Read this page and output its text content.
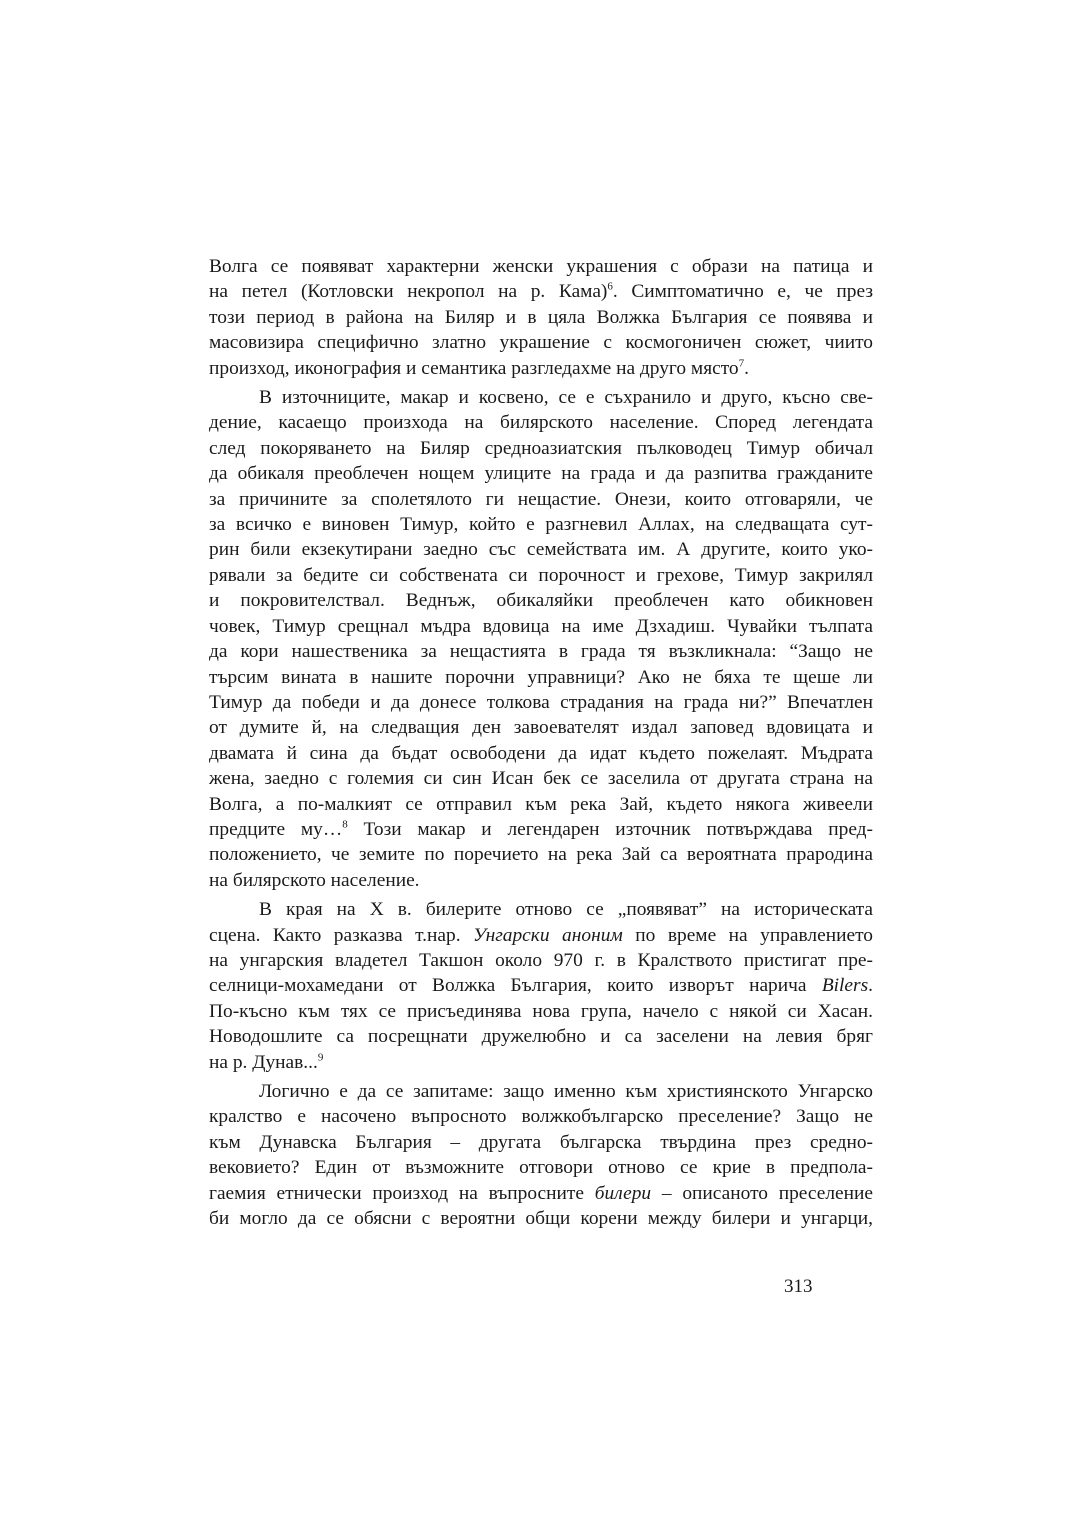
Волга се появяват характерни женски украшения с образи на патица и
на петел (Котловски некропол на р. Кама)$^6$. Симптоматично е, че през
този период в района на Биляр и в цяла Волжка България се появява и
масовизира специфично златно украшение с космогоничен сюжет, чиито
произход, иконография и семантика разгледахме на друго място$^7$.
В източниците, макар и косвено, се е съхранило и друго, късно све-
дение, касаещо произхода на билярското население. Според легендата
след покоряването на Биляр средноазиатския пълководец Тимур обичал
да обикаля преоблечен нощем улиците на града и да разпитва гражданите
за причините за сполетялото ги нещастие. Онези, които отговаряли, че
за всичко е виновен Тимур, който е разгневил Аллах, на следващата сут-
рин били екзекутирани заедно със семействата им. А другите, които уко-
рявали за бедите си собствената си порочност и грехове, Тимур закрилял
и покровителствал. Веднъж, обикаляйки преоблечен като обикновен
човек, Тимур срещнал мъдра вдовица на име Дзхадиш. Чувайки тълпата
да кори нашественика за нещастията в града тя възкликнала: “Защо не
търсим вината в нашите порочни управници? Ако не бяха те щеше ли
Тимур да победи и да донесе толкова страдания на града ни?” Впечатлен
от думите й, на следващия ден завоевателят издал заповед вдовицата и
двамата й сина да бъдат освободени да идат където пожелаят. Мъдрата
жена, заедно с големия си син Исан бек се заселила от другата страна на
Волга, а по-малкият се отправил към река Зай, където някога живеели
предците му…$^8$ Този макар и легендарен източник потвърждава пред-
положението, че земите по поречието на река Зай са вероятната прародина
на билярското население.
В края на Х в. билерите отново се „появяват” на историческата
сцена. Както разказва т.нар. Унгарски аноним по време на управлението
на унгарския владетел Такшон около 970 г. в Кралството пристигат пре-
селници-мохамедани от Волжка България, които изворът нарича Bilers.
По-късно към тях се присъединява нова група, начело с някой си Хасан.
Новодошлите са посрещнати дружелюбно и са заселени на левия бряг
на р. Дунав...$^9$
Логично е да се запитаме: защо именно към християнското Унгарско
кралство е насочено въпросното волжкобългарско преселение? Защо не
към Дунавска България – другата българска твърдина през средно-
вековието? Един от възможните отговори отново се крие в предпола-
гаемия етнически произход на въпросните билери – описаното преселение
би могло да се обясни с вероятни общи корени между билери и унгарци,
313
